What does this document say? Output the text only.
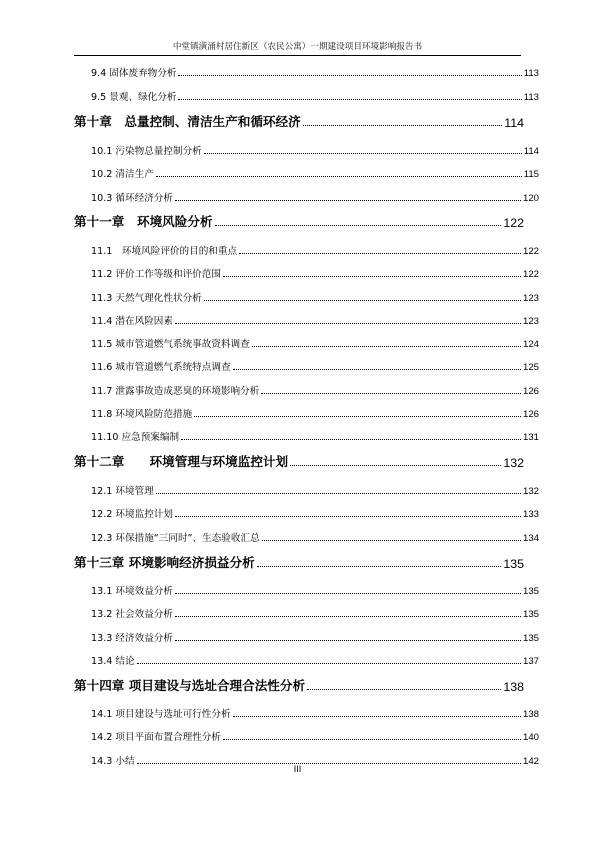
中堂镇潢涌村居住新区（农民公寓）一期建设项目环境影响报告书
9.4 固体废弃物分析	113
9.5 景观、绿化分析	113
第十章　总量控制、清洁生产和循环经济	114
10.1 污染物总量控制分析	114
10.2 清洁生产	115
10.3 循环经济分析	120
第十一章　环境风险分析	122
11.1　环境风险评价的目的和重点	122
11.2 评价工作等级和评价范围	122
11.3 天然气理化性状分析	123
11.4 潜在风险因素	123
11.5 城市管道燃气系统事故资料调查	124
11.6 城市管道燃气系统特点调查	125
11.7 泄露事故造成恶臭的环境影响分析	126
11.8 环境风险防范措施	126
11.10 应急预案编制	131
第十二章　　环境管理与环境监控计划	132
12.1 环境管理	132
12.2 环境监控计划	133
12.3 环保措施“三同时”、生态验收汇总	134
第十三章 环境影响经济损益分析	135
13.1 环境效益分析	135
13.2 社会效益分析	135
13.3 经济效益分析	135
13.4 结论	137
第十四章 项目建设与选址合理合法性分析	138
14.1 项目建设与选址可行性分析	138
14.2 项目平面布置合理性分析	140
14.3 小结	142
III
